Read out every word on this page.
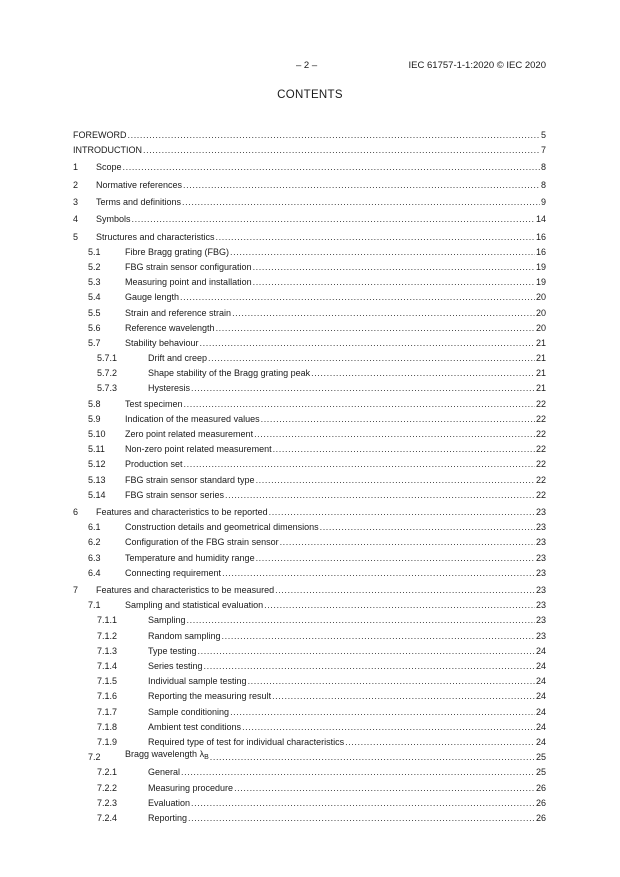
– 2 –	IEC 61757-1-1:2020 © IEC 2020
CONTENTS
FOREWORD .....	5
INTRODUCTION .....	7
1 Scope .....	8
2 Normative references .....	8
3 Terms and definitions .....	9
4 Symbols .....	14
5 Structures and characteristics .....	16
5.1	Fibre Bragg grating (FBG) .....	16
5.2	FBG strain sensor configuration .....	19
5.3	Measuring point and installation .....	19
5.4	Gauge length .....	20
5.5	Strain and reference strain .....	20
5.6	Reference wavelength .....	20
5.7	Stability behaviour .....	21
5.7.1	Drift and creep .....	21
5.7.2	Shape stability of the Bragg grating peak .....	21
5.7.3	Hysteresis .....	21
5.8	Test specimen .....	22
5.9	Indication of the measured values .....	22
5.10 Zero point related measurement .....	22
5.11 Non-zero point related measurement .....	22
5.12 Production set .....	22
5.13 FBG strain sensor standard type .....	22
5.14 FBG strain sensor series .....	22
6 Features and characteristics to be reported .....	23
6.1	Construction details and geometrical dimensions .....	23
6.2	Configuration of the FBG strain sensor .....	23
6.3	Temperature and humidity range .....	23
6.4	Connecting requirement .....	23
7 Features and characteristics to be measured .....	23
7.1	Sampling and statistical evaluation .....	23
7.1.1	Sampling .....	23
7.1.2	Random sampling .....	23
7.1.3	Type testing .....	24
7.1.4	Series testing .....	24
7.1.5	Individual sample testing .....	24
7.1.6	Reporting the measuring result .....	24
7.1.7	Sample conditioning .....	24
7.1.8	Ambient test conditions .....	24
7.1.9	Required type of test for individual characteristics .....	24
7.2	Bragg wavelength $\lambda_B$ .....	25
7.2.1	General .....	25
7.2.2	Measuring procedure .....	26
7.2.3	Evaluation .....	26
7.2.4	Reporting .....	26
